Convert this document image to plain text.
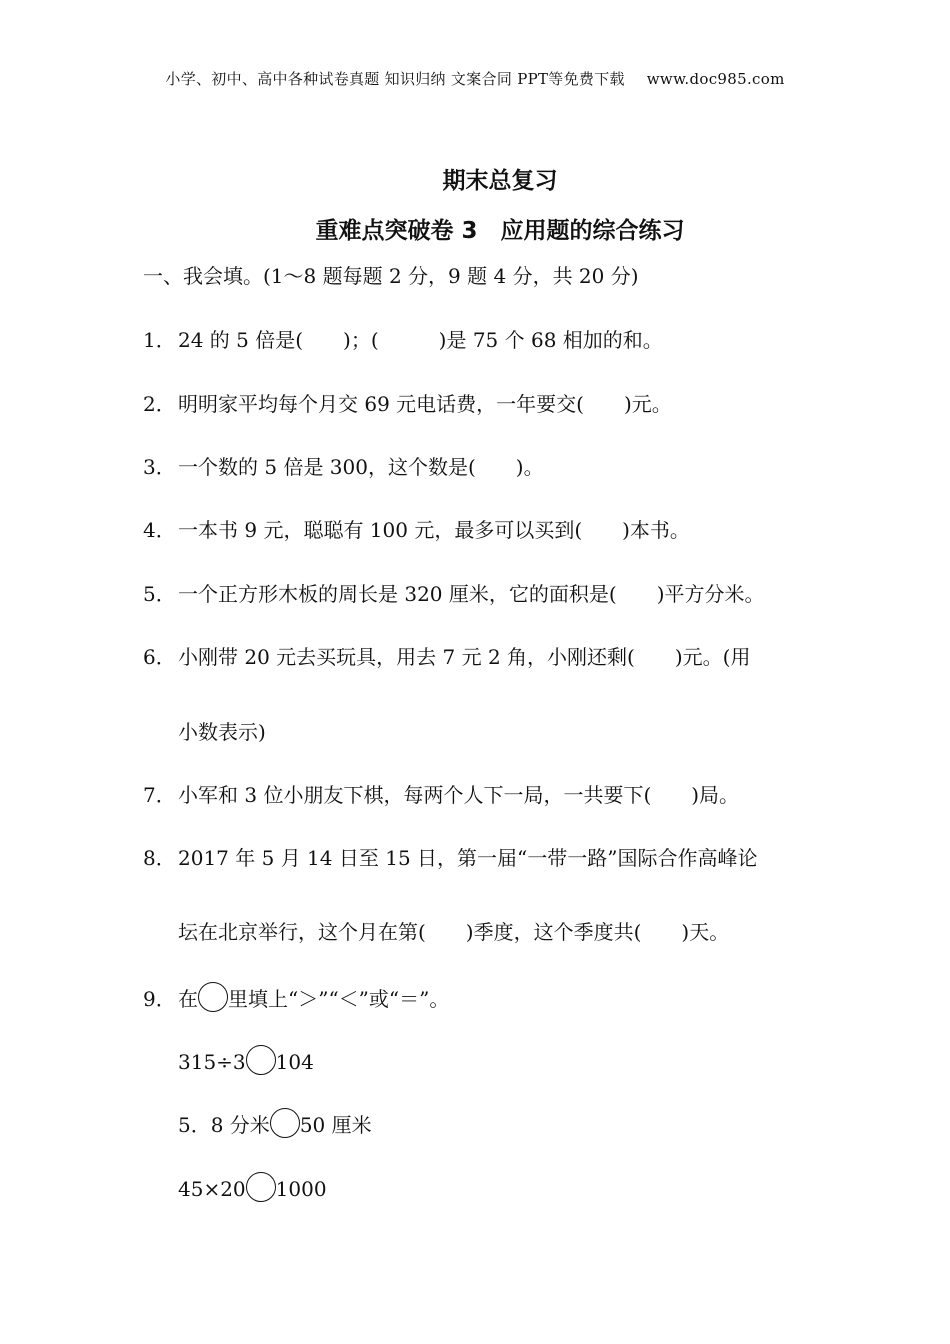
小学、初中、高中各种试卷真题 知识归纳 文案合同 PPT等免费下载 www.doc985.com
期末总复习
重难点突破卷 3　应用题的综合练习
一、我会填。(1～8 题每题 2 分，9 题 4 分，共 20 分)
1． 24 的 5 倍是(　　)；(　　　)是 75 个 68 相加的和。
2． 明明家平均每个月交 69 元电话费，一年要交(　　)元。
3． 一个数的 5 倍是 300，这个数是(　　)。
4． 一本书 9 元，聪聪有 100 元，最多可以买到(　　)本书。
5． 一个正方形木板的周长是 320 厘米，它的面积是(　　)平方分米。
6． 小刚带 20 元去买玩具，用去 7 元 2 角，小刚还剩(　　)元。(用
小数表示)
7． 小军和 3 位小朋友下棋，每两个人下一局，一共要下(　　)局。
8． 2017 年 5 月 14 日至 15 日，第一届“一带一路”国际合作高峰论
坛在北京举行，这个月在第(　　)季度，这个季度共(　　)天。
9． 在 里填上“＞”“＜”或“＝”。
315÷3 104
5．8 分米 50 厘米
45×20 1000
